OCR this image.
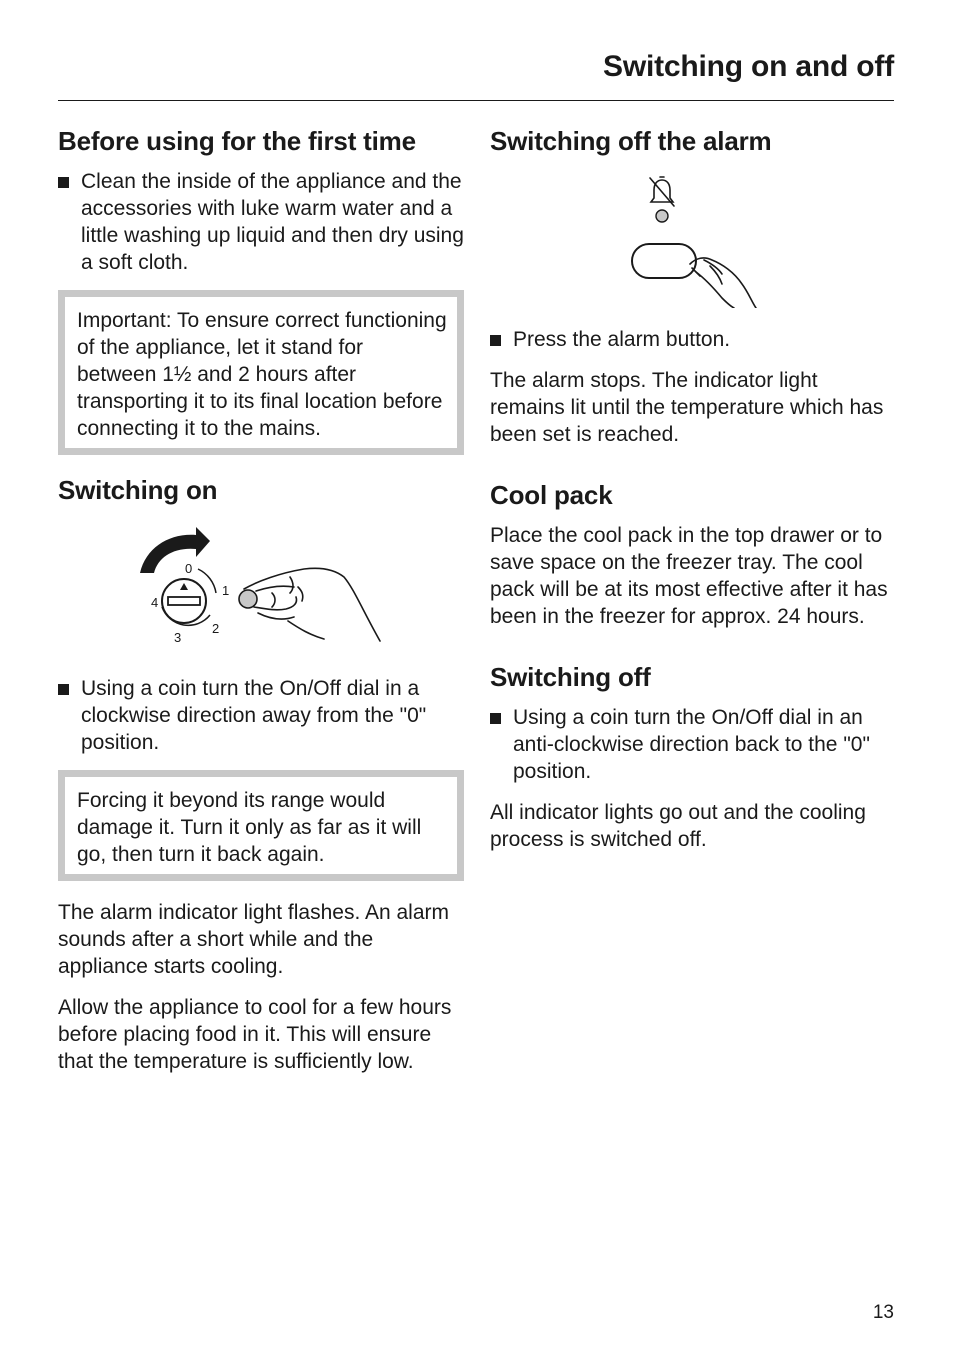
Switching on and off
Before using for the first time
Clean the inside of the appliance and the accessories with luke warm water and a little washing up liquid and then dry using a soft cloth.
Important: To ensure correct functioning of the appliance, let it stand for between 1½ and 2 hours after transporting it to its final location before connecting it to the mains.
Switching on
0
1
2
3
4
Using a coin turn the On/Off dial in a clockwise direction away from the "0" position.
Forcing it beyond its range would damage it. Turn it only as far as it will go, then turn it back again.

The alarm indicator light flashes. An alarm sounds after a short while and the appliance starts cooling.

Allow the appliance to cool for a few hours before placing food in it. This will ensure that the temperature is sufficiently low.

Switching off the alarm
Press the alarm button.

The alarm stops. The indicator light remains lit until the temperature which has been set is reached.

Cool pack

Place the cool pack in the top drawer or to save space on the freezer tray. The cool pack will be at its most effective after it has been in the freezer for approx. 24 hours.

Switching off
Using a coin turn the On/Off dial in an anti-clockwise direction back to the "0" position.

All indicator lights go out and the cooling process is switched off.

13
